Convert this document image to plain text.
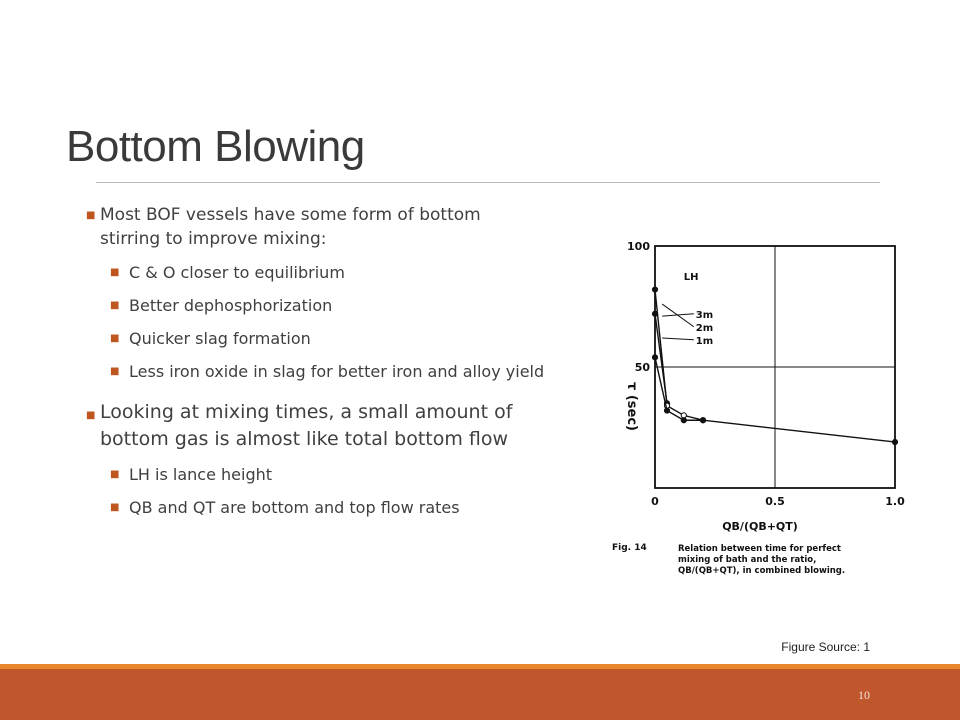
Bottom Blowing
■ Most BOF vessels have some form of bottom stirring to improve mixing:
■ C & O closer to equilibrium
■ Better dephosphorization
■ Quicker slag formation
■ Less iron oxide in slag for better iron and alloy yield
■ Looking at mixing times, a small amount of bottom gas is almost like total bottom flow
■ LH is lance height
■ QB and QT are bottom and top flow rates	0	0.5	1.0
50
100
LH
3m
2m
1m
τ (sec)
QB/(QB+QT)
Fig. 14	Relation between time for perfect
mixing of bath and the ratio,
QB/(QB+QT), in combined blowing.
Figure Source: 1
10
